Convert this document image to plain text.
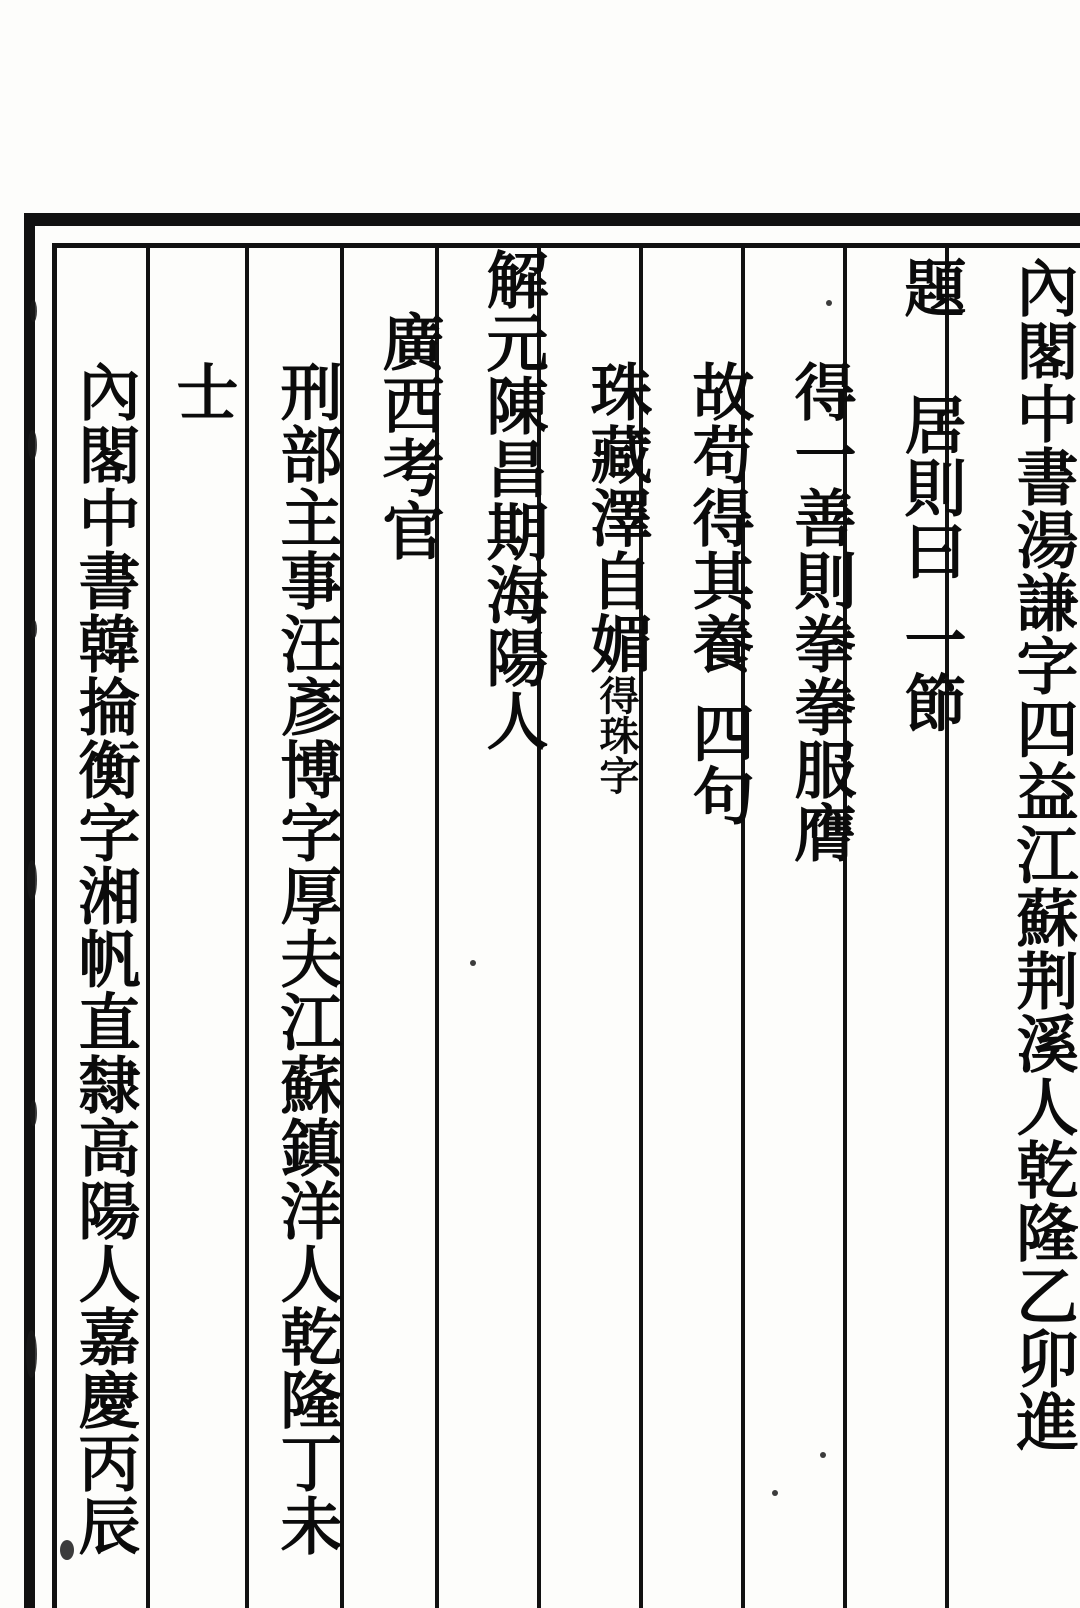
內閣中書湯謙字四益江蘇荆溪人乾隆乙卯進
題 居則曰一節
得一善則拳拳服膺
故苟得其養四句
珠藏澤自媚得珠字
解元陳昌期海陽人
廣西考官
刑部主事汪彥博字厚夫江蘇鎮洋人乾隆丁未
士
內閣中書韓掄衡字湘帆直隸高陽人嘉慶丙辰
